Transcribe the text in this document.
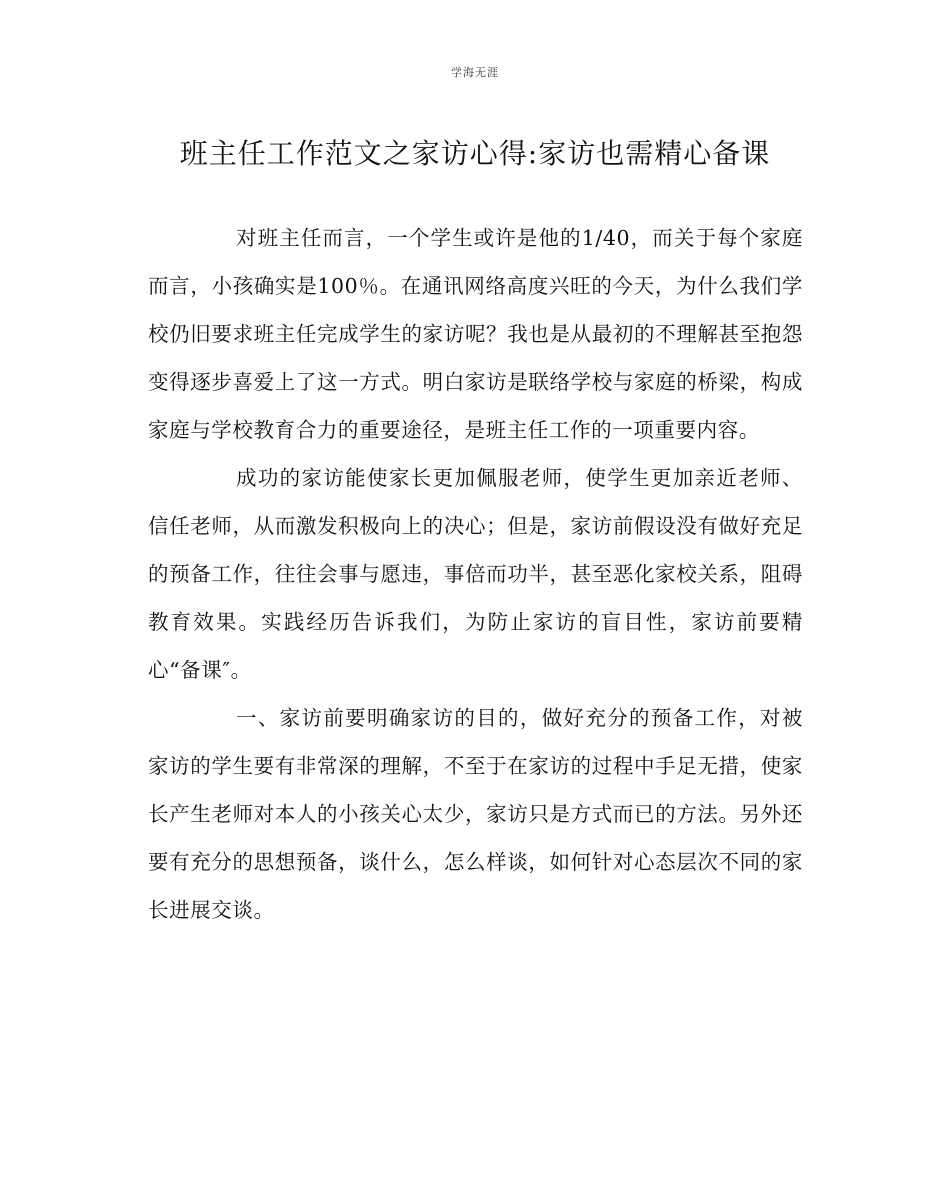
学海无涯
班主任工作范文之家访心得:家访也需精心备课

对班主任而言，一个学生或许是他的1/40，而关于每个家庭而言，小孩确实是100％。在通讯网络高度兴旺的今天，为什么我们学校仍旧要求班主任完成学生的家访呢？我也是从最初的不理解甚至抱怨变得逐步喜爱上了这一方式。明白家访是联络学校与家庭的桥梁，构成家庭与学校教育合力的重要途径，是班主任工作的一项重要内容。

成功的家访能使家长更加佩服老师，使学生更加亲近老师、信任老师，从而激发积极向上的决心；但是，家访前假设没有做好充足的预备工作，往往会事与愿违，事倍而功半，甚至恶化家校关系，阻碍教育效果。实践经历告诉我们，为防止家访的盲目性，家访前要精心“备课″。

一、家访前要明确家访的目的，做好充分的预备工作，对被家访的学生要有非常深的理解，不至于在家访的过程中手足无措，使家长产生老师对本人的小孩关心太少，家访只是方式而已的方法。另外还要有充分的思想预备，谈什么，怎么样谈，如何针对心态层次不同的家长进展交谈。
